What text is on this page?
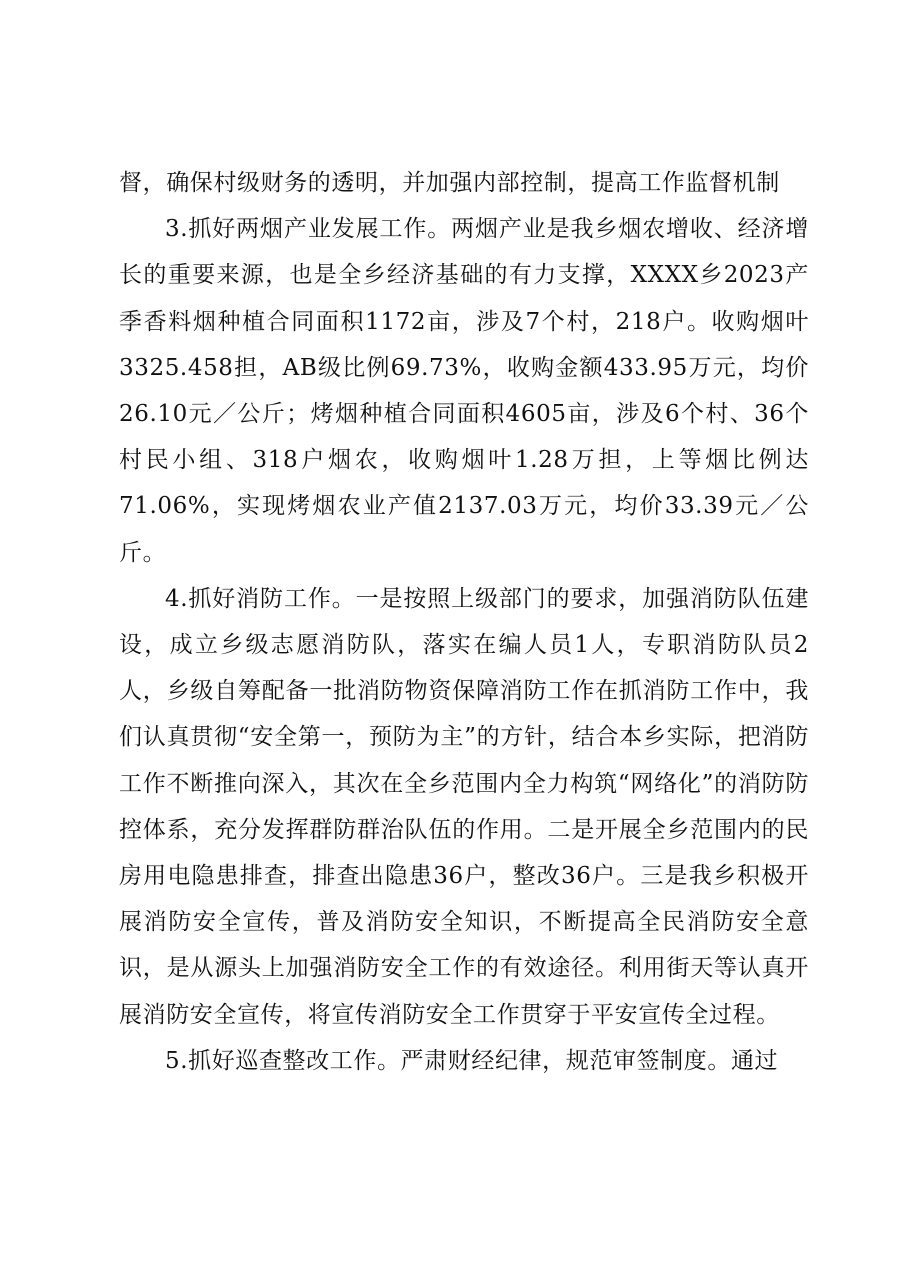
督，确保村级财务的透明，并加强内部控制，提高工作监督机制

3.抓好两烟产业发展工作。两烟产业是我乡烟农增收、经济增长的重要来源，也是全乡经济基础的有力支撑，XXXX乡2023产季香料烟种植合同面积1172亩，涉及7个村，218户。收购烟叶3325.458担，AB级比例69.73%，收购金额433.95万元，均价26.10元／公斤；烤烟种植合同面积4605亩，涉及6个村、36个村民小组、318户烟农，收购烟叶1.28万担，上等烟比例达71.06%，实现烤烟农业产值2137.03万元，均价33.39元／公斤。

4.抓好消防工作。一是按照上级部门的要求，加强消防队伍建设，成立乡级志愿消防队，落实在编人员1人，专职消防队员2人，乡级自筹配备一批消防物资保障消防工作在抓消防工作中，我们认真贯彻“安全第一，预防为主”的方针，结合本乡实际，把消防工作不断推向深入，其次在全乡范围内全力构筑“网络化”的消防防控体系，充分发挥群防群治队伍的作用。二是开展全乡范围内的民房用电隐患排查，排查出隐患36户，整改36户。三是我乡积极开展消防安全宣传，普及消防安全知识，不断提高全民消防安全意识，是从源头上加强消防安全工作的有效途径。利用街天等认真开展消防安全宣传，将宣传消防安全工作贯穿于平安宣传全过程。

5.抓好巡查整改工作。严肃财经纪律，规范审签制度。通过
